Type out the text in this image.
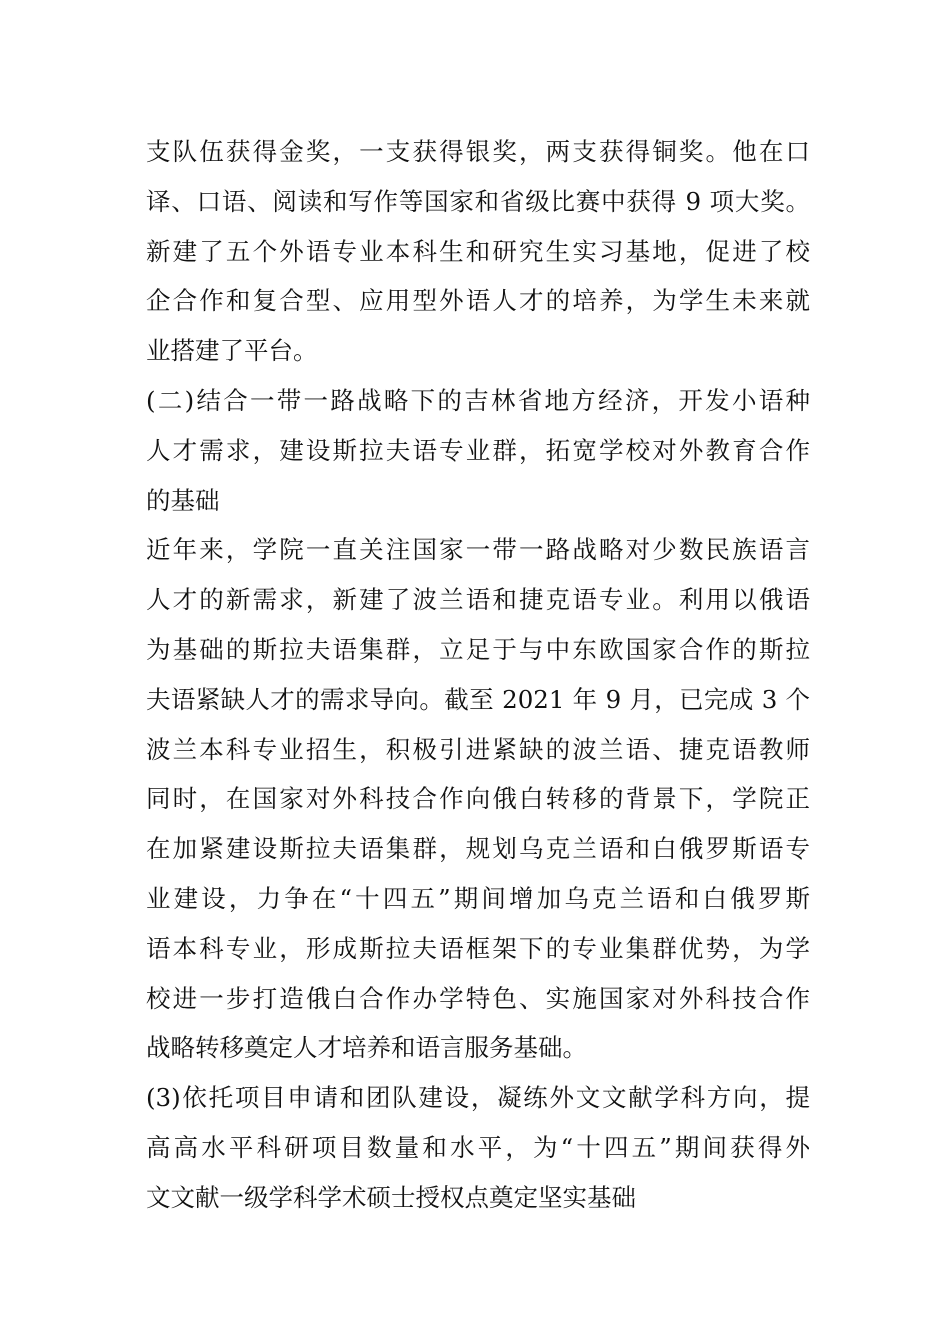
支队伍获得金奖，一支获得银奖，两支获得铜奖。他在口
译、口语、阅读和写作等国家和省级比赛中获得 9 项大奖。
新建了五个外语专业本科生和研究生实习基地，促进了校
企合作和复合型、应用型外语人才的培养，为学生未来就
业搭建了平台。
(二)结合一带一路战略下的吉林省地方经济，开发小语种
人才需求，建设斯拉夫语专业群，拓宽学校对外教育合作
的基础
近年来，学院一直关注国家一带一路战略对少数民族语言
人才的新需求，新建了波兰语和捷克语专业。利用以俄语
为基础的斯拉夫语集群，立足于与中东欧国家合作的斯拉
夫语紧缺人才的需求导向。截至 2021 年 9 月，已完成 3 个
波兰本科专业招生，积极引进紧缺的波兰语、捷克语教师
同时，在国家对外科技合作向俄白转移的背景下，学院正
在加紧建设斯拉夫语集群，规划乌克兰语和白俄罗斯语专
业建设，力争在“十四五”期间增加乌克兰语和白俄罗斯
语本科专业，形成斯拉夫语框架下的专业集群优势，为学
校进一步打造俄白合作办学特色、实施国家对外科技合作
战略转移奠定人才培养和语言服务基础。
(3)依托项目申请和团队建设，凝练外文文献学科方向，提
高高水平科研项目数量和水平，为“十四五”期间获得外
文文献一级学科学术硕士授权点奠定坚实基础
